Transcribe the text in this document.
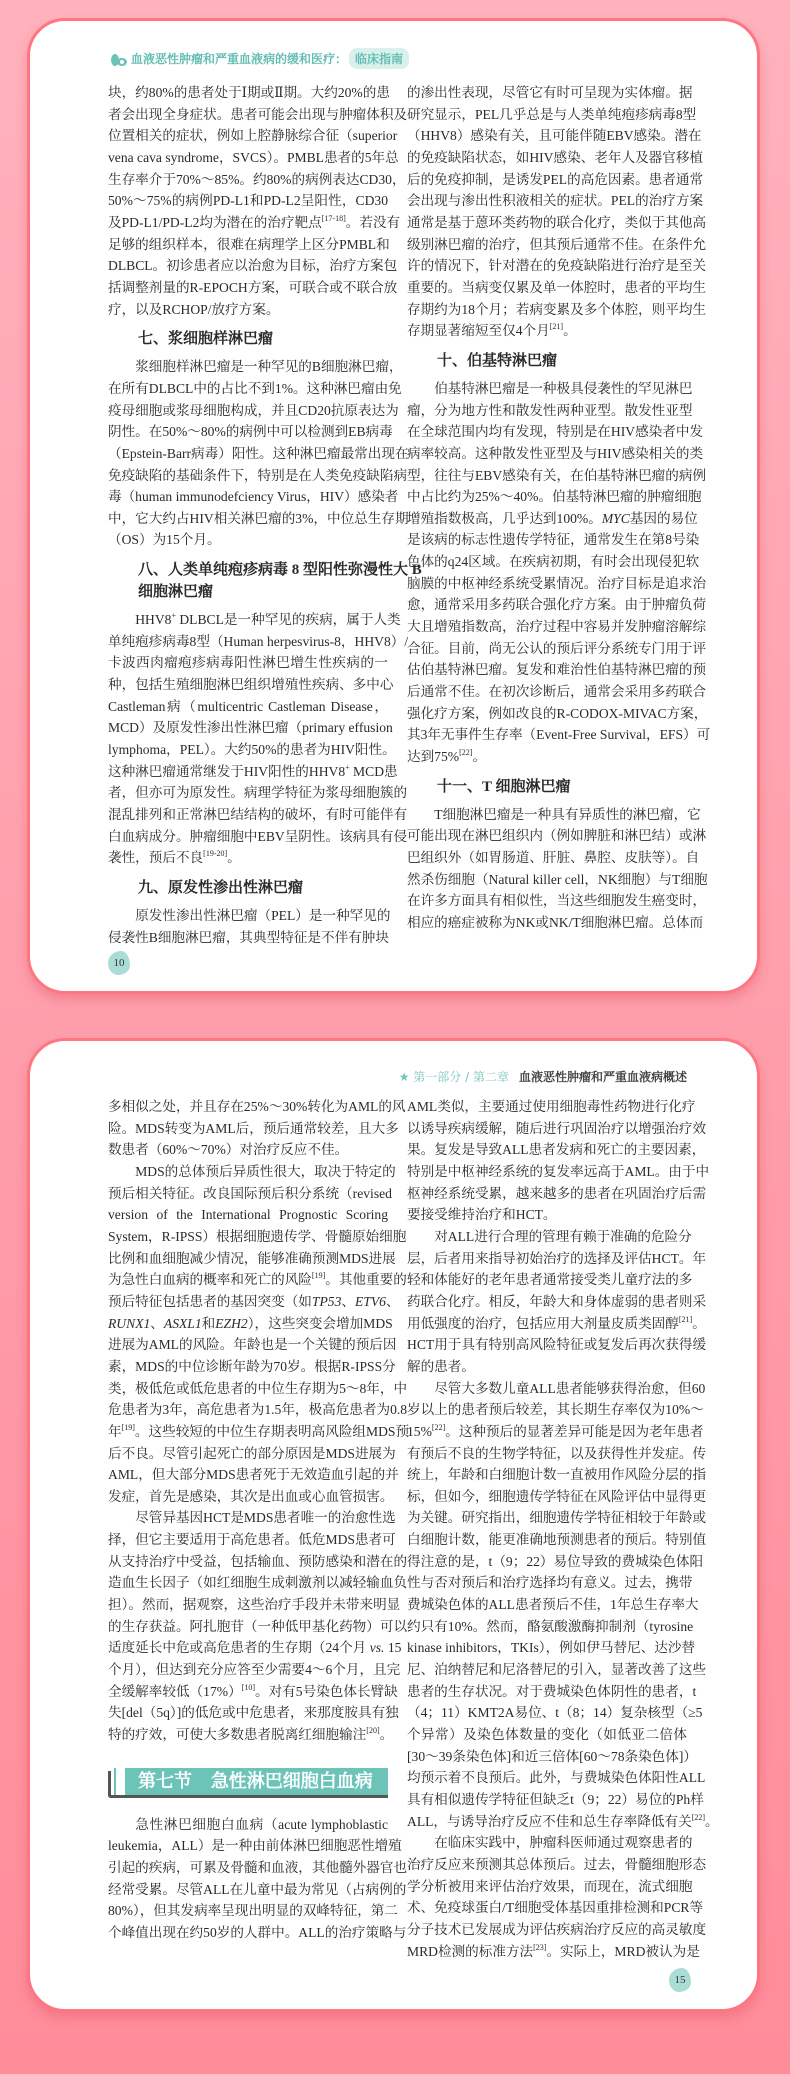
血液恶性肿瘤和严重血液病的缓和医疗： 临床指南
块，约80%的患者处于Ⅰ期或Ⅱ期。大约20%的患
者会出现全身症状。患者可能会出现与肿瘤体积及
位置相关的症状，例如上腔静脉综合征（superior
vena cava syndrome，SVCS）。PMBL患者的5年总
生存率介于70%～85%。约80%的病例表达CD30，
50%～75%的病例PD-L1和PD-L2呈阳性，CD30
及PD-L1/PD-L2均为潜在的治疗靶点[17-18]。若没有
足够的组织样本，很难在病理学上区分PMBL和
DLBCL。初诊患者应以治愈为目标，治疗方案包
括调整剂量的R-EPOCH方案，可联合或不联合放
疗，以及RCHOP/放疗方案。
七、浆细胞样淋巴瘤
浆细胞样淋巴瘤是一种罕见的B细胞淋巴瘤，
在所有DLBCL中的占比不到1%。这种淋巴瘤由免
疫母细胞或浆母细胞构成，并且CD20抗原表达为
阴性。在50%～80%的病例中可以检测到EB病毒
（Epstein-Barr病毒）阳性。这种淋巴瘤最常出现在
免疫缺陷的基础条件下，特别是在人类免疫缺陷病
毒（human immunodefciency Virus，HIV）感染者
中，它大约占HIV相关淋巴瘤的3%，中位总生存期
（OS）为15个月。
八、人类单纯疱疹病毒 8 型阳性弥漫性大 B
细胞淋巴瘤
HHV8+ DLBCL是一种罕见的疾病，属于人类
单纯疱疹病毒8型（Human herpesvirus-8，HHV8）/
卡波西肉瘤疱疹病毒阳性淋巴增生性疾病的一
种，包括生殖细胞淋巴组织增殖性疾病、多中心
Castleman病（multicentric Castleman Disease，
MCD）及原发性渗出性淋巴瘤（primary effusion
lymphoma，PEL）。大约50%的患者为HIV阳性。
这种淋巴瘤通常继发于HIV阳性的HHV8+ MCD患
者，但亦可为原发性。病理学特征为浆母细胞簇的
混乱排列和正常淋巴结结构的破坏，有时可能伴有
白血病成分。肿瘤细胞中EBV呈阴性。该病具有侵
袭性，预后不良[19-20]。
九、原发性渗出性淋巴瘤
原发性渗出性淋巴瘤（PEL）是一种罕见的
侵袭性B细胞淋巴瘤，其典型特征是不伴有肿块
的渗出性表现，尽管它有时可呈现为实体瘤。据
研究显示，PEL几乎总是与人类单纯疱疹病毒8型
（HHV8）感染有关，且可能伴随EBV感染。潜在
的免疫缺陷状态，如HIV感染、老年人及器官移植
后的免疫抑制，是诱发PEL的高危因素。患者通常
会出现与渗出性积液相关的症状。PEL的治疗方案
通常是基于蒽环类药物的联合化疗，类似于其他高
级别淋巴瘤的治疗，但其预后通常不佳。在条件允
许的情况下，针对潜在的免疫缺陷进行治疗是至关
重要的。当病变仅累及单一体腔时，患者的平均生
存期约为18个月；若病变累及多个体腔，则平均生
存期显著缩短至仅4个月[21]。
十、伯基特淋巴瘤
伯基特淋巴瘤是一种极具侵袭性的罕见淋巴
瘤，分为地方性和散发性两种亚型。散发性亚型
在全球范围内均有发现，特别是在HIV感染者中发
病率较高。这种散发性亚型及与HIV感染相关的类
型，往往与EBV感染有关，在伯基特淋巴瘤的病例
中占比约为25%～40%。伯基特淋巴瘤的肿瘤细胞
增殖指数极高，几乎达到100%。MYC基因的易位
是该病的标志性遗传学特征，通常发生在第8号染
色体的q24区域。在疾病初期，有时会出现侵犯软
脑膜的中枢神经系统受累情况。治疗目标是追求治
愈，通常采用多药联合强化疗方案。由于肿瘤负荷
大且增殖指数高，治疗过程中容易并发肿瘤溶解综
合征。目前，尚无公认的预后评分系统专门用于评
估伯基特淋巴瘤。复发和难治性伯基特淋巴瘤的预
后通常不佳。在初次诊断后，通常会采用多药联合
强化疗方案，例如改良的R-CODOX-MIVAC方案，
其3年无事件生存率（Event-Free Survival，EFS）可
达到75%[22]。
十一、T 细胞淋巴瘤
T细胞淋巴瘤是一种具有异质性的淋巴瘤，它
可能出现在淋巴组织内（例如脾脏和淋巴结）或淋
巴组织外（如胃肠道、肝脏、鼻腔、皮肤等）。自
然杀伤细胞（Natural killer cell，NK细胞）与T细胞
在许多方面具有相似性，当这些细胞发生癌变时，
相应的癌症被称为NK或NK/T细胞淋巴瘤。总体而
10
★ 第一部分 / 第二章 血液恶性肿瘤和严重血液病概述
多相似之处，并且存在25%～30%转化为AML的风
险。MDS转变为AML后，预后通常较差，且大多
数患者（60%～70%）对治疗反应不佳。
MDS的总体预后异质性很大，取决于特定的
预后相关特征。改良国际预后积分系统（revised
version of the International Prognostic Scoring
System，R-IPSS）根据细胞遗传学、骨髓原始细胞
比例和血细胞减少情况，能够准确预测MDS进展
为急性白血病的概率和死亡的风险[19]。其他重要的
预后特征包括患者的基因突变（如TP53、ETV6、
RUNX1、ASXL1和EZH2），这些突变会增加MDS
进展为AML的风险。年龄也是一个关键的预后因
素，MDS的中位诊断年龄为70岁。根据R-IPSS分
类，极低危或低危患者的中位生存期为5～8年，中
危患者为3年，高危患者为1.5年，极高危患者为0.8
年[19]。这些较短的中位生存期表明高风险组MDS预
后不良。尽管引起死亡的部分原因是MDS进展为
AML，但大部分MDS患者死于无效造血引起的并
发症，首先是感染，其次是出血或心血管损害。
尽管异基因HCT是MDS患者唯一的治愈性选
择，但它主要适用于高危患者。低危MDS患者可
从支持治疗中受益，包括输血、预防感染和潜在的
造血生长因子（如红细胞生成刺激剂以减轻输血负
担）。然而，据观察，这些治疗手段并未带来明显
的生存获益。阿扎胞苷（一种低甲基化药物）可以
适度延长中危或高危患者的生存期（24个月 vs. 15
个月），但达到充分应答至少需要4～6个月，且完
全缓解率较低（17%）[10]。对有5号染色体长臂缺
失[del（5q）]的低危或中危患者，来那度胺具有独
特的疗效，可使大多数患者脱离红细胞输注[20]。
第七节 急性淋巴细胞白血病
急性淋巴细胞白血病（acute lymphoblastic
leukemia，ALL）是一种由前体淋巴细胞恶性增殖
引起的疾病，可累及骨髓和血液，其他髓外器官也
经常受累。尽管ALL在儿童中最为常见（占病例的
80%），但其发病率呈现出明显的双峰特征，第二
个峰值出现在约50岁的人群中。ALL的治疗策略与
AML类似，主要通过使用细胞毒性药物进行化疗
以诱导疾病缓解，随后进行巩固治疗以增强治疗效
果。复发是导致ALL患者发病和死亡的主要因素，
特别是中枢神经系统的复发率远高于AML。由于中
枢神经系统受累，越来越多的患者在巩固治疗后需
要接受维持治疗和HCT。
对ALL进行合理的管理有赖于准确的危险分
层，后者用来指导初始治疗的选择及评估HCT。年
轻和体能好的老年患者通常接受类儿童疗法的多
药联合化疗。相反，年龄大和身体虚弱的患者则采
用低强度的治疗，包括应用大剂量皮质类固醇[21]。
HCT用于具有特别高风险特征或复发后再次获得缓
解的患者。
尽管大多数儿童ALL患者能够获得治愈，但60
岁以上的患者预后较差，其长期生存率仅为10%～
15%[22]。这种预后的显著差异可能是因为老年患者
有预后不良的生物学特征，以及获得性并发症。传
统上，年龄和白细胞计数一直被用作风险分层的指
标，但如今，细胞遗传学特征在风险评估中显得更
为关键。研究指出，细胞遗传学特征相较于年龄或
白细胞计数，能更准确地预测患者的预后。特别值
得注意的是，t（9；22）易位导致的费城染色体阳
性与否对预后和治疗选择均有意义。过去，携带
费城染色体的ALL患者预后不佳，1年总生存率大
约只有10%。然而，酪氨酸激酶抑制剂（tyrosine
kinase inhibitors，TKIs），例如伊马替尼、达沙替
尼、泊纳替尼和尼洛替尼的引入，显著改善了这些
患者的生存状况。对于费城染色体阴性的患者，t
（4；11）KMT2A易位、t（8；14）复杂核型（≥5
个异常）及染色体数量的变化（如低亚二倍体
[30～39条染色体]和近三倍体[60～78条染色体]）
均预示着不良预后。此外，与费城染色体阳性ALL
具有相似遗传学特征但缺乏t（9；22）易位的Ph样
ALL，与诱导治疗反应不佳和总生存率降低有关[22]。
在临床实践中，肿瘤科医师通过观察患者的
治疗反应来预测其总体预后。过去，骨髓细胞形态
学分析被用来评估治疗效果，而现在，流式细胞
术、免疫球蛋白/T细胞受体基因重排检测和PCR等
分子技术已发展成为评估疾病治疗反应的高灵敏度
MRD检测的标准方法[23]。实际上，MRD被认为是
15
